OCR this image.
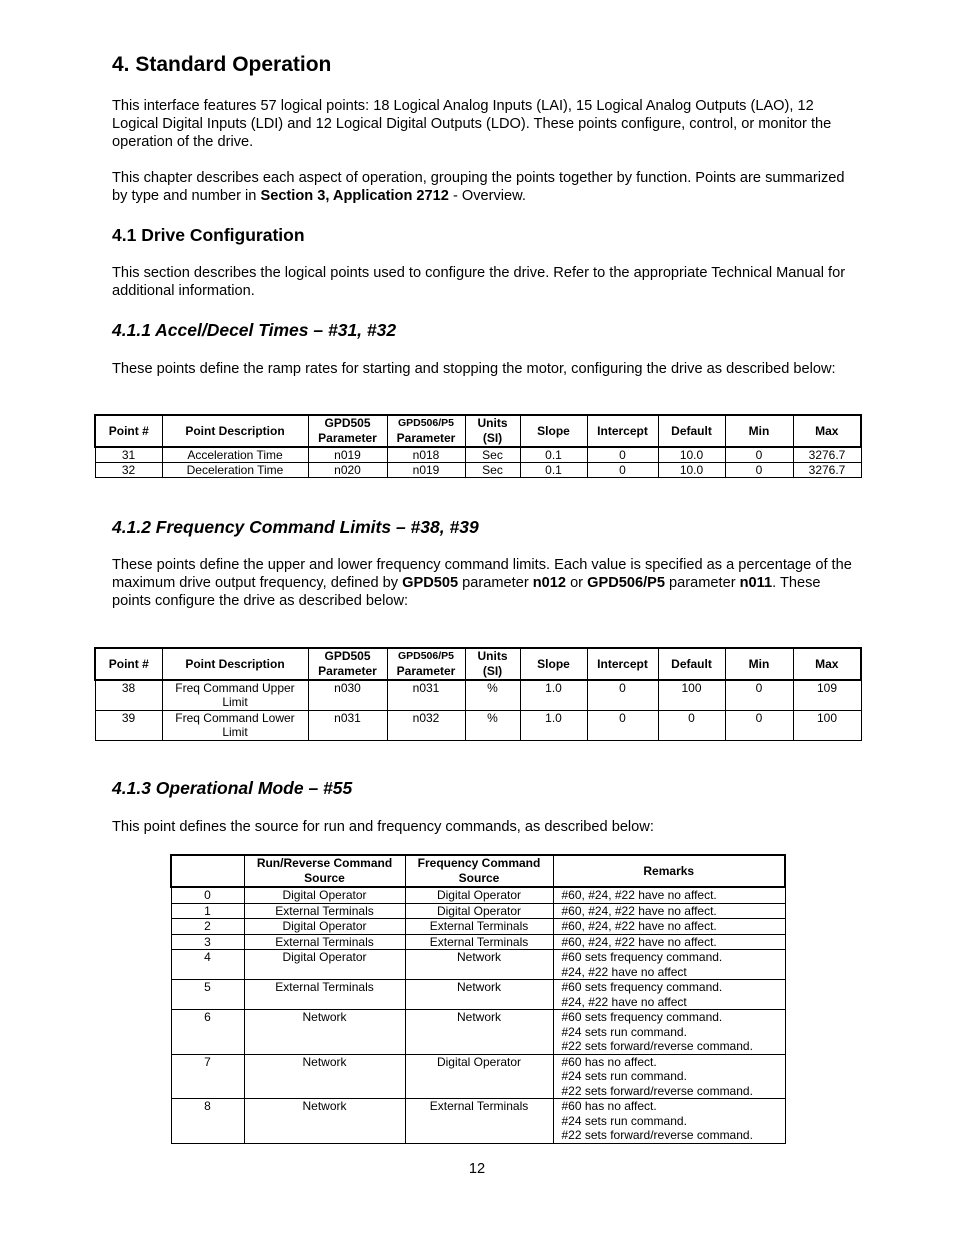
4. Standard Operation

This interface features 57 logical points: 18 Logical Analog Inputs (LAI), 15 Logical Analog Outputs (LAO), 12 Logical Digital Inputs (LDI) and 12 Logical Digital Outputs (LDO). These points configure, control, or monitor the operation of the drive.

This chapter describes each aspect of operation, grouping the points together by function. Points are summarized by type and number in Section 3, Application 2712 - Overview.

4.1 Drive Configuration

This section describes the logical points used to configure the drive. Refer to the appropriate Technical Manual for additional information.

4.1.1 Accel/Decel Times – #31, #32

These points define the ramp rates for starting and stopping the motor, configuring the drive as described below:

Point #	Point Description	GPD505
Parameter	GPD506/P5
Parameter	Units
(SI)	Slope	Intercept	Default	Min	Max
31	Acceleration Time	n019	n018	Sec	0.1	0	10.0	0	3276.7
32	Deceleration Time	n020	n019	Sec	0.1	0	10.0	0	3276.7
4.1.2 Frequency Command Limits – #38, #39

These points define the upper and lower frequency command limits. Each value is specified as a percentage of the maximum drive output frequency, defined by GPD505 parameter n012 or GPD506/P5 parameter n011. These points configure the drive as described below:

Point #	Point Description	GPD505
Parameter	GPD506/P5
Parameter	Units
(SI)	Slope	Intercept	Default	Min	Max
38	Freq Command Upper
Limit	n030	n031	%	1.0	0	100	0	109
39	Freq Command Lower
Limit	n031	n032	%	1.0	0	0	0	100
4.1.3 Operational Mode – #55

This point defines the source for run and frequency commands, as described below:

	Run/Reverse Command
Source	Frequency Command
Source	Remarks
0	Digital Operator	Digital Operator	#60, #24, #22 have no affect.

1	External Terminals	Digital Operator	#60, #24, #22 have no affect.

2	Digital Operator	External Terminals	#60, #24, #22 have no affect.

3	External Terminals	External Terminals	#60, #24, #22 have no affect.

4	Digital Operator	Network	#60 sets frequency command.
#24, #22 have no affect

5	External Terminals	Network	#60 sets frequency command.
#24, #22 have no affect

6	Network	Network	#60 sets frequency command.
#24 sets run command.
#22 sets forward/reverse command.

7	Network	Digital Operator	#60 has no affect.
#24 sets run command.
#22 sets forward/reverse command.

8	Network	External Terminals	#60 has no affect.
#24 sets run command.
#22 sets forward/reverse command.
12
